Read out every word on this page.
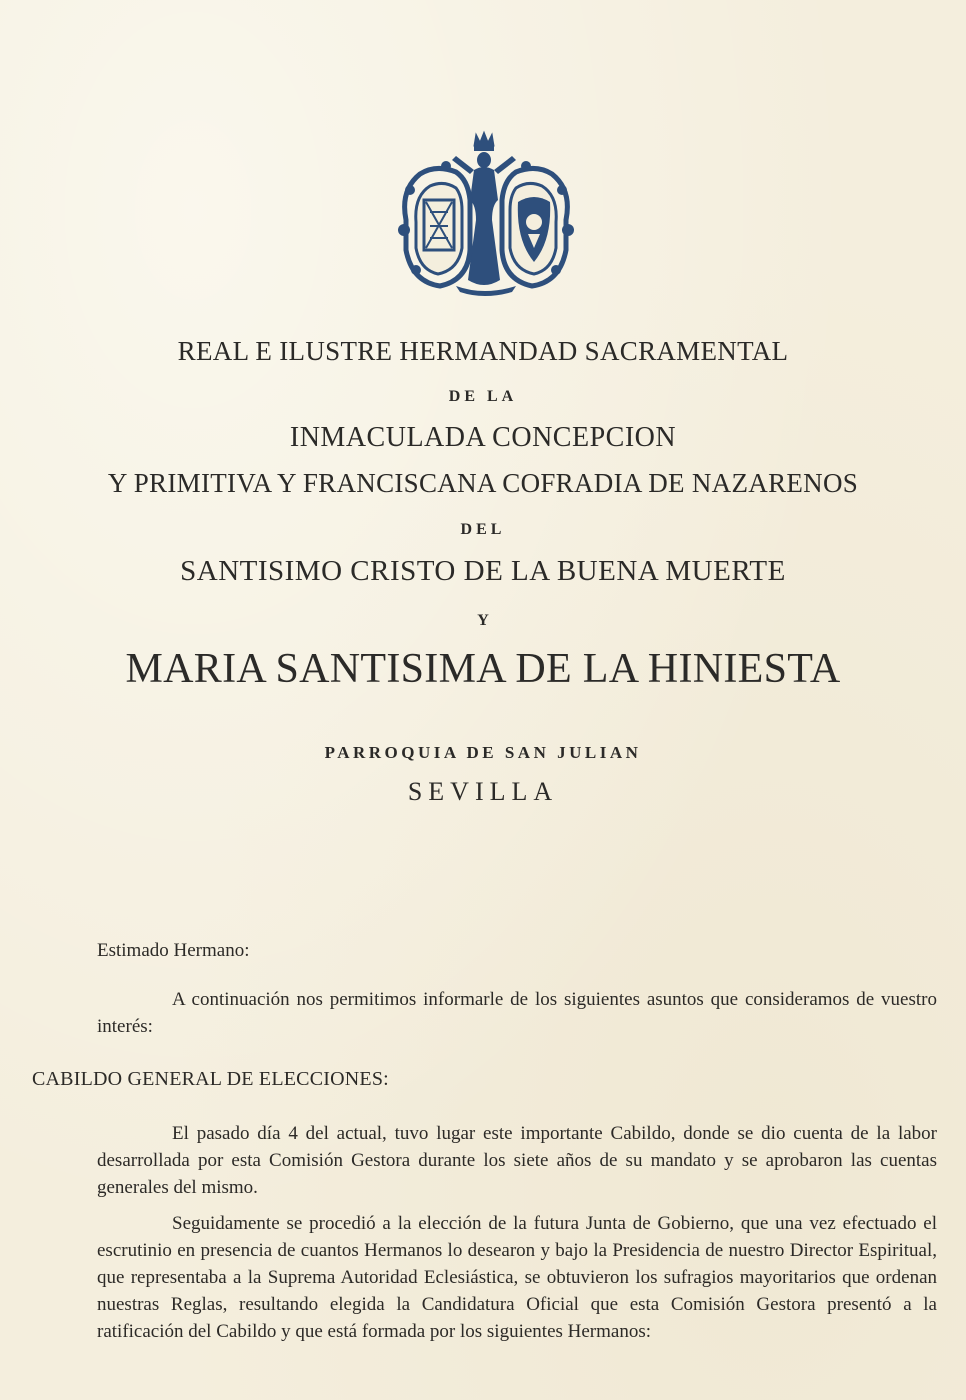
REAL E ILUSTRE HERMANDAD SACRAMENTAL
DE LA
INMACULADA CONCEPCION
Y PRIMITIVA Y FRANCISCANA COFRADIA DE NAZARENOS
DEL
SANTISIMO CRISTO DE LA BUENA MUERTE
Y
MARIA SANTISIMA DE LA HINIESTA
PARROQUIA DE SAN JULIAN
SEVILLA
Estimado Hermano:
A continuación nos permitimos informarle de los siguientes asuntos que consideramos de vuestro interés:
CABILDO GENERAL DE ELECCIONES:
El pasado día 4 del actual, tuvo lugar este importante Cabildo, donde se dio cuenta de la labor desarrollada por esta Comisión Gestora durante los siete años de su mandato y se aprobaron las cuentas generales del mismo.
Seguidamente se procedió a la elección de la futura Junta de Gobierno, que una vez efectuado el escrutinio en presencia de cuantos Hermanos lo desearon y bajo la Presidencia de nuestro Director Espiritual, que representaba a la Suprema Autoridad Eclesiástica, se obtuvieron los sufragios mayoritarios que ordenan nuestras Reglas, resultando elegida la Candidatura Oficial que esta Comisión Gestora presentó a la ratificación del Cabildo y que está formada por los siguientes Hermanos:
